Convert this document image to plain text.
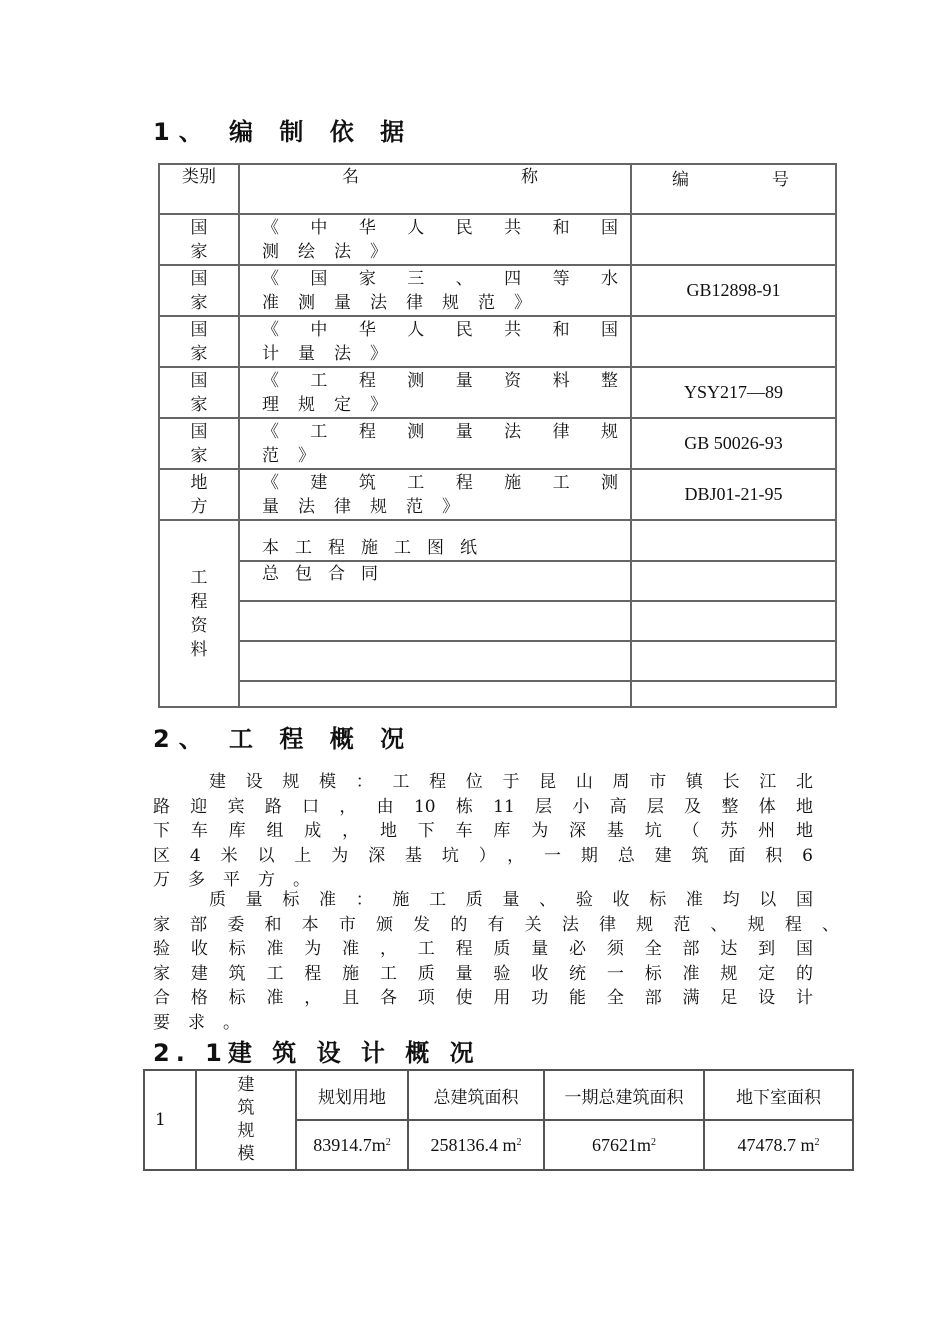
1、 编 制 依 据
类别	名 称	编 号

国家	《中华人民共和国
测绘法》	

国家	《国家三、四等水
准测量法律规范》	GB12898-91

国家	《中华人民共和国
计量法》	

国家	《工程测量资料整
理规定》	YSY217—89

国家	《工程测量法律规
范》	GB 50026-93

地方	《建筑工程施工测
量法律规范》	DBJ01-21-95

工程资料	本工程施工图纸	
	总包合同	

2、 工 程 概 况
建设规模：工程位于昆山周市镇长江北
路迎宾路口，由10栋11层小高层及整体地
下车库组成，地下车库为深基坑（苏州地
区4米以上为深基坑），一期总建筑面积6
万多平方。
质量标准：施工质量、验收标准均以国
家部委和本市颁发的有关法律规范、规程、
验收标准为准，工程质量必须全部达到国
家建筑工程施工质量验收统一标准规定的
合格标准，且各项使用功能全部满足设计
要求。
2. 1建 筑 设 计 概 况
1	建筑规模	规划用地	总建筑面积	一期总建筑面积	地下室面积
		$83914.7m^2$	258136.4 $m^2$	$67621m^2$	47478.7 $m^2$
